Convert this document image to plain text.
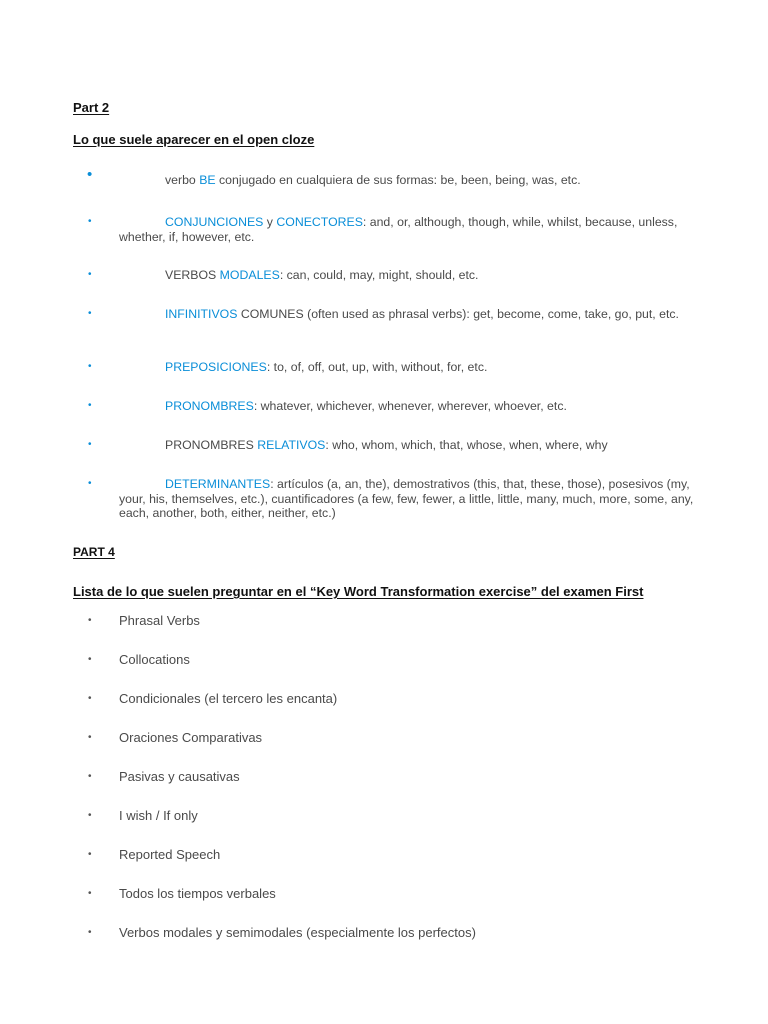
Part 2
Lo que suele aparecer en el open cloze
•	verbo BE conjugado en cualquiera de sus formas: be, been, being, was, etc.
•	CONJUNCIONES y CONECTORES: and, or, although, though, while, whilst, because, unless, whether, if, however, etc.
•	VERBOS MODALES: can, could, may, might, should, etc.
•	INFINITIVOS COMUNES (often used as phrasal verbs): get, become, come, take, go, put, etc.
•	PREPOSICIONES: to, of, off, out, up, with, without, for, etc.
•	PRONOMBRES: whatever, whichever, whenever, wherever, whoever, etc.
•	PRONOMBRES RELATIVOS: who, whom, which, that, whose, when, where, why
•	DETERMINANTES: artículos (a, an, the), demostrativos (this, that, these, those), posesivos (my, your, his, themselves, etc.), cuantificadores (a few, few, fewer, a little, little, many, much, more, some, any, each, another, both, either, neither, etc.)
PART 4
Lista de lo que suelen preguntar en el “Key Word Transformation exercise” del examen First
• Phrasal Verbs
• Collocations
• Condicionales (el tercero les encanta)
• Oraciones Comparativas
• Pasivas y causativas
• I wish / If only
• Reported Speech
• Todos los tiempos verbales
• Verbos modales y semimodales (especialmente los perfectos)
